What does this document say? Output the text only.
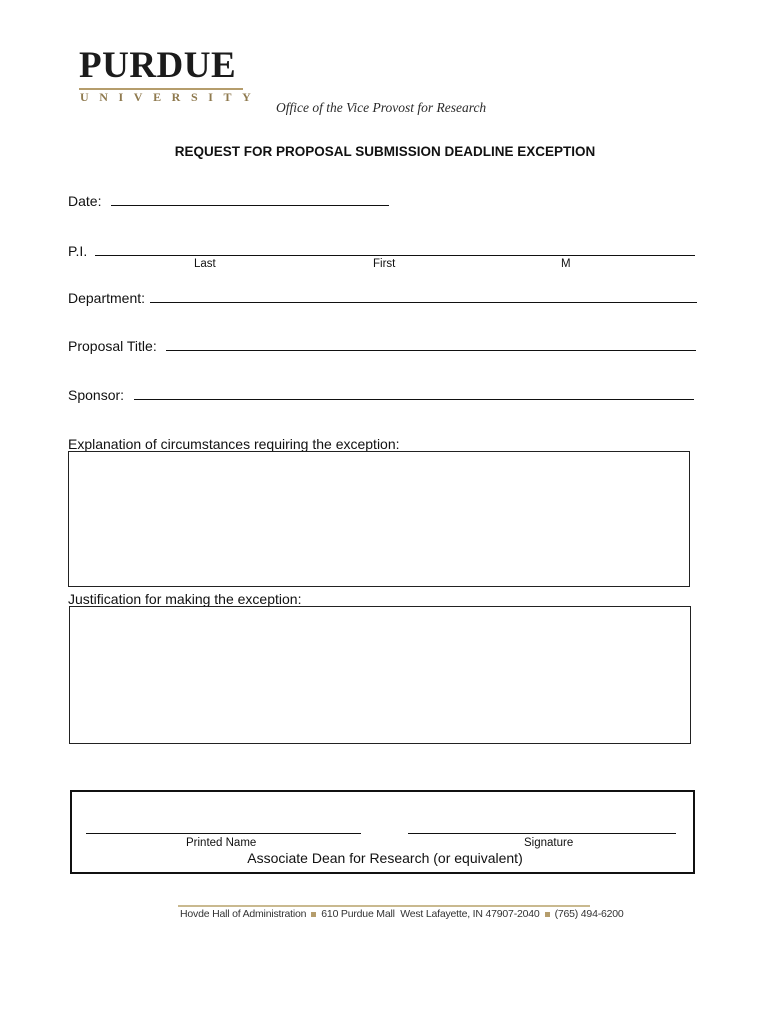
PURDUE
UNIVERSITY
Office of the Vice Provost for Research
REQUEST FOR PROPOSAL SUBMISSION DEADLINE EXCEPTION
Date:
P.I.
Last	First	M
Department:
Proposal Title:
Sponsor:
Explanation of circumstances requiring the exception:
Justification for making the exception:
Printed Name	Signature
Associate Dean for Research (or equivalent)
Hovde Hall of Administration 610 Purdue Mall West Lafayette, IN 47907-2040 (765) 494-6200
